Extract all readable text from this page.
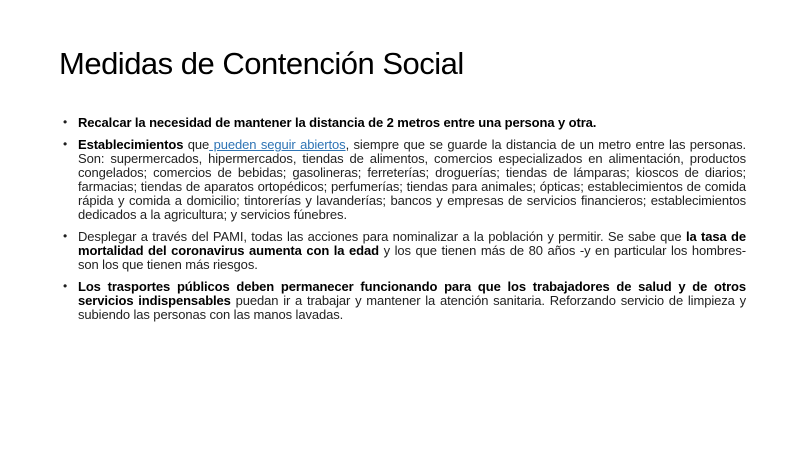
Medidas de Contención Social
• Recalcar la necesidad de mantener la distancia de 2 metros entre una persona y otra.
• Establecimientos que pueden seguir abiertos, siempre que se guarde la distancia de un metro entre las personas. Son: supermercados, hipermercados, tiendas de alimentos, comercios especializados en alimentación, productos congelados; comercios de bebidas; gasolineras; ferreterías; droguerías; tiendas de lámparas; kioscos de diarios; farmacias; tiendas de aparatos ortopédicos; perfumerías; tiendas para animales; ópticas; establecimientos de comida rápida y comida a domicilio; tintorerías y lavanderías; bancos y empresas de servicios financieros; establecimientos dedicados a la agricultura; y servicios fúnebres.
• Desplegar a través del PAMI, todas las acciones para nominalizar a la población y permitir. Se sabe que la tasa de mortalidad del coronavirus aumenta con la edad y los que tienen más de 80 años -y en particular los hombres- son los que tienen más riesgos.
• Los trasportes públicos deben permanecer funcionando para que los trabajadores de salud y de otros servicios indispensables puedan ir a trabajar y mantener la atención sanitaria. Reforzando servicio de limpieza y subiendo las personas con las manos lavadas.
